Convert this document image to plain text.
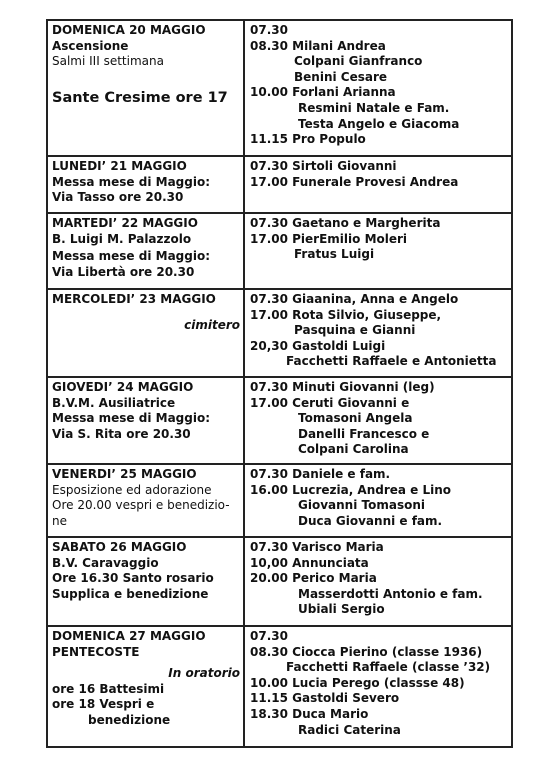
DOMENICA 20 MAGGIO
Ascensione
Salmi III settimana
Sante Cresime ore 17
07.30
08.30 Milani Andrea
Colpani Gianfranco
Benini Cesare
10.00 Forlani Arianna
Resmini Natale e Fam.
Testa Angelo e Giacoma
11.15 Pro Populo
LUNEDI’ 21 MAGGIO
Messa mese di Maggio:
Via Tasso ore 20.30
07.30 Sirtoli Giovanni
17.00 Funerale Provesi Andrea
MARTEDI’ 22 MAGGIO
B. Luigi M. Palazzolo
Messa mese di Maggio:
Via Libertà ore 20.30
07.30 Gaetano e Margherita
17.00 PierEmilio Moleri
Fratus Luigi
MERCOLEDI’ 23 MAGGIO
cimitero
07.30 Giaanina, Anna e Angelo
17.00 Rota Silvio, Giuseppe,
Pasquina e Gianni
20,30 Gastoldi Luigi
Facchetti Raffaele e Antonietta
GIOVEDI’ 24 MAGGIO
B.V.M. Ausiliatrice
Messa mese di Maggio:
Via S. Rita ore 20.30
07.30 Minuti Giovanni (leg)
17.00 Ceruti Giovanni e
Tomasoni Angela
Danelli Francesco e
Colpani Carolina
VENERDI’ 25 MAGGIO
Esposizione ed adorazione
Ore 20.00 vespri e benedizio-
ne
07.30 Daniele e fam.
16.00 Lucrezia, Andrea e Lino
Giovanni Tomasoni
Duca Giovanni e fam.
SABATO 26 MAGGIO
B.V. Caravaggio
Ore 16.30 Santo rosario
Supplica e benedizione
07.30 Varisco Maria
10,00 Annunciata
20.00 Perico Maria
Masserdotti Antonio e fam.
Ubiali Sergio
DOMENICA 27 MAGGIO
PENTECOSTE
In oratorio
ore 16 Battesimi
ore 18 Vespri e
benedizione
07.30
08.30 Ciocca Pierino (classe 1936)
Facchetti Raffaele (classe ’32)
10.00 Lucia Perego (classse 48)
11.15 Gastoldi Severo
18.30 Duca Mario
Radici Caterina
